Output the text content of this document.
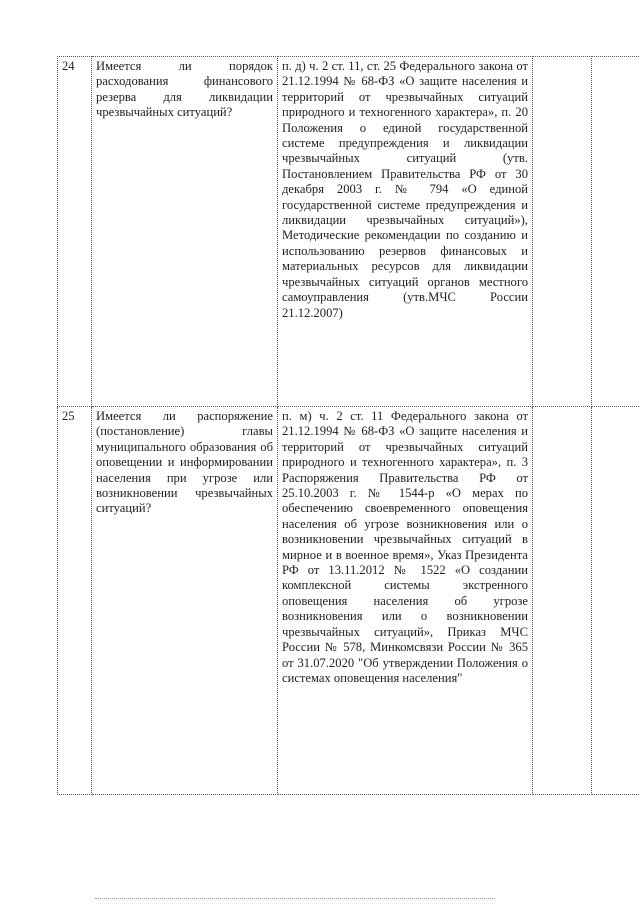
24	Имеется ли порядок расходования финансового резерва для ликвидации чрезвычайных ситуаций?	п. д) ч. 2 ст. 11, ст. 25 Федерального закона от 21.12.1994 № 68-ФЗ «О защите населения и территорий от чрезвычайных ситуаций природного и техногенного характера», п. 20 Положения о единой государственной системе предупреждения и ликвидации чрезвычайных ситуаций (утв. Постановлением Правительства РФ от 30 декабря 2003 г. № 794 «О единой государственной системе предупреждения и ликвидации чрезвычайных ситуаций»), Методические рекомендации по созданию и использованию резервов финансовых и материальных ресурсов для ликвидации чрезвычайных ситуаций органов местного самоуправления (утв.МЧС России 21.12.2007)		
25	Имеется ли распоряжение (постановление) главы муниципального образования об оповещении и информировании населения при угрозе или возникновении чрезвычайных ситуаций?	п. м) ч. 2 ст. 11 Федерального закона от 21.12.1994 № 68-ФЗ «О защите населения и территорий от чрезвычайных ситуаций природного и техногенного характера», п. 3 Распоряжения Правительства РФ от 25.10.2003 г. № 1544-р «О мерах по обеспечению своевременного оповещения населения об угрозе возникновения или о возникновении чрезвычайных ситуаций в мирное и в военное время», Указ Президента РФ от 13.11.2012 № 1522 «О создании комплексной системы экстренного оповещения населения об угрозе возникновения или о возникновении чрезвычайных ситуаций», Приказ МЧС России № 578, Минкомсвязи России № 365 от 31.07.2020 "Об утверждении Положения о системах оповещения населения"		
